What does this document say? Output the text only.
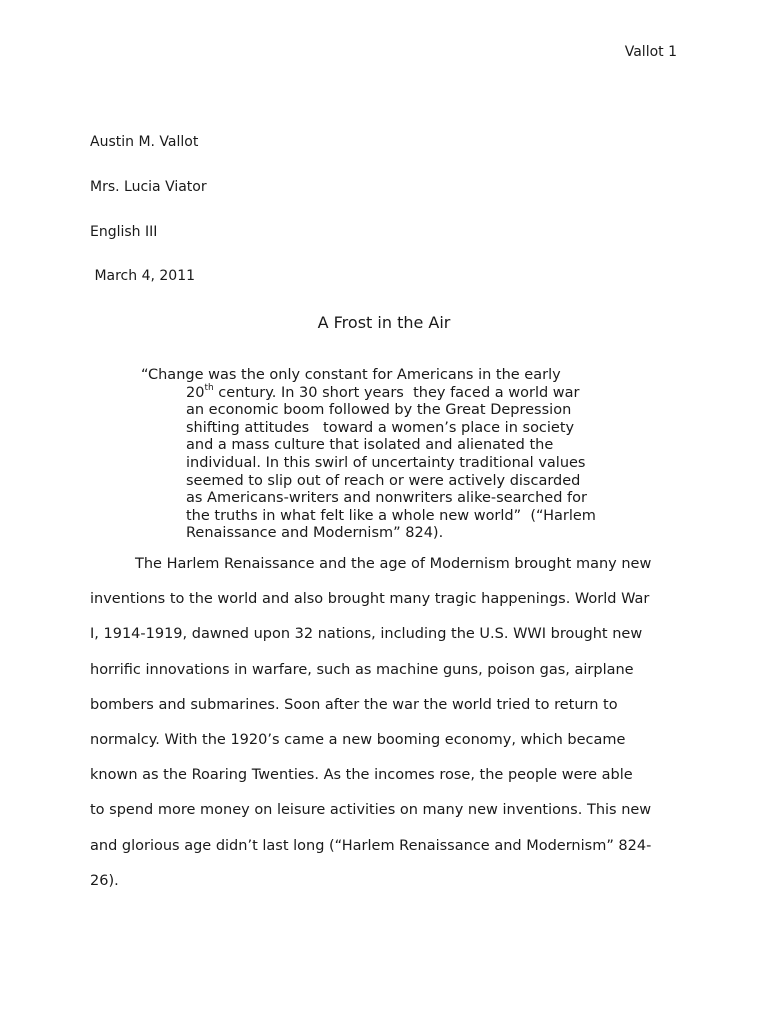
Vallot 1
Austin M. Vallot
Mrs. Lucia Viator
English III
March 4, 2011
A Frost in the Air
“Change was the only constant for Americans in the early
20th century. In 30 short years  they faced a world war
an economic boom followed by the Great Depression
shifting attitudes   toward a women’s place in society
and a mass culture that isolated and alienated the
individual. In this swirl of uncertainty traditional values
seemed to slip out of reach or were actively discarded
as Americans-writers and nonwriters alike-searched for
the truths in what felt like a whole new world”  (“Harlem
Renaissance and Modernism” 824).
The Harlem Renaissance and the age of Modernism brought many new
inventions to the world and also brought many tragic happenings. World War
I, 1914-1919, dawned upon 32 nations, including the U.S. WWI brought new
horrific innovations in warfare, such as machine guns, poison gas, airplane
bombers and submarines. Soon after the war the world tried to return to
normalcy. With the 1920’s came a new booming economy, which became
known as the Roaring Twenties. As the incomes rose, the people were able
to spend more money on leisure activities on many new inventions. This new
and glorious age didn’t last long (“Harlem Renaissance and Modernism” 824-
26).
